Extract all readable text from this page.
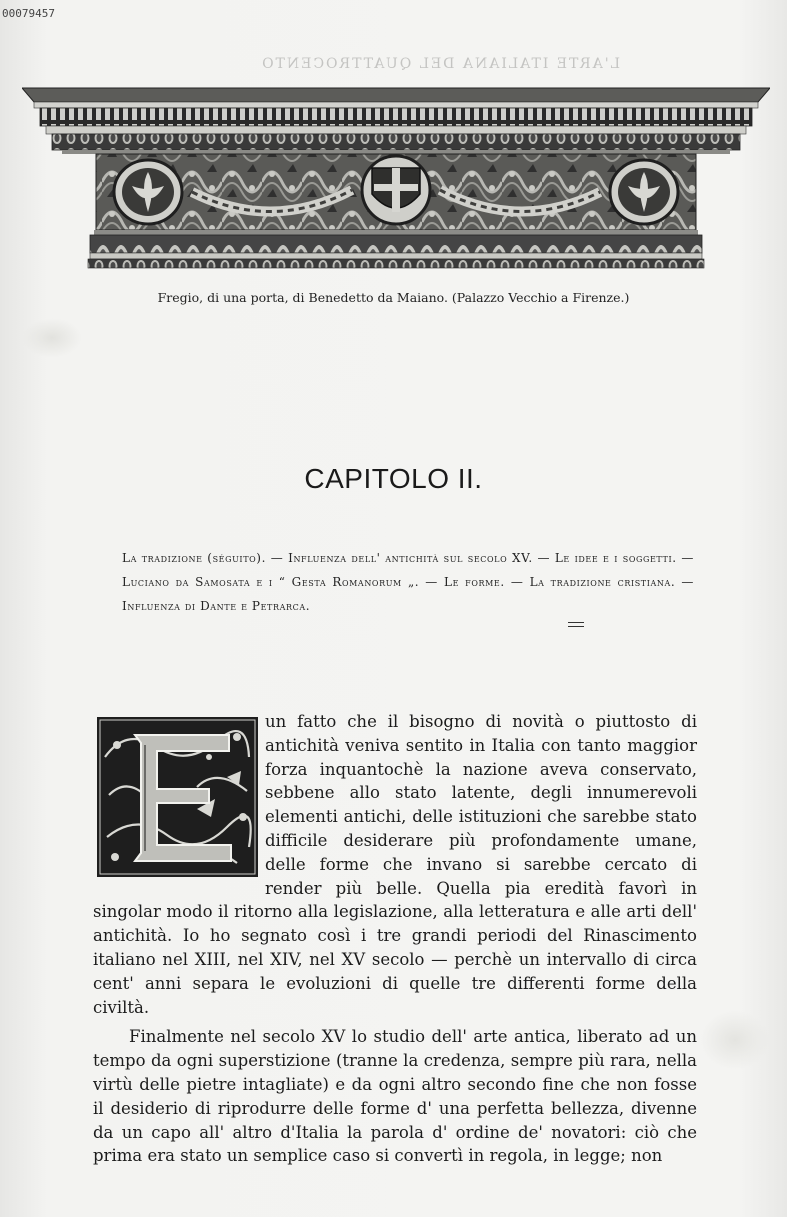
00079457
L'ARTE ITALIANA DEL QUATTROCENTO
Fregio, di una porta, di Benedetto da Maiano. (Palazzo Vecchio a Firenze.)
CAPITOLO II.
La tradizione (séguito). — Influenza dell' antichità sul secolo XV. — Le idee e i soggetti. — Luciano da Samosata e i “ Gesta Romanorum „. — Le forme. — La tradizione cristiana. — Influenza di Dante e Petrarca.

un fatto che il bisogno di novità o piuttosto di antichità veniva sentito in Italia con tanto maggior forza inquantochè la nazione aveva conservato, sebbene allo stato latente, degli innumerevoli elementi antichi, delle istituzioni che sarebbe stato difficile desiderare più profondamente umane, delle forme che invano si sarebbe cercato di render più belle. Quella pia eredità favorì in singolar modo il ritorno alla legislazione, alla letteratura e alle arti dell' antichità. Io ho segnato così i tre grandi periodi del Rinascimento italiano nel XIII, nel XIV, nel XV secolo — perchè un intervallo di circa cent' anni separa le evoluzioni di quelle tre differenti forme della civiltà.

Finalmente nel secolo XV lo studio dell' arte antica, liberato ad un tempo da ogni superstizione (tranne la credenza, sempre più rara, nella virtù delle pietre intagliate) e da ogni altro secondo fine che non fosse il desiderio di riprodurre delle forme d' una perfetta bellezza, divenne da un capo all' altro d'Italia la parola d' ordine de' novatori: ciò che prima era stato un semplice caso si convertì in regola, in legge; non
